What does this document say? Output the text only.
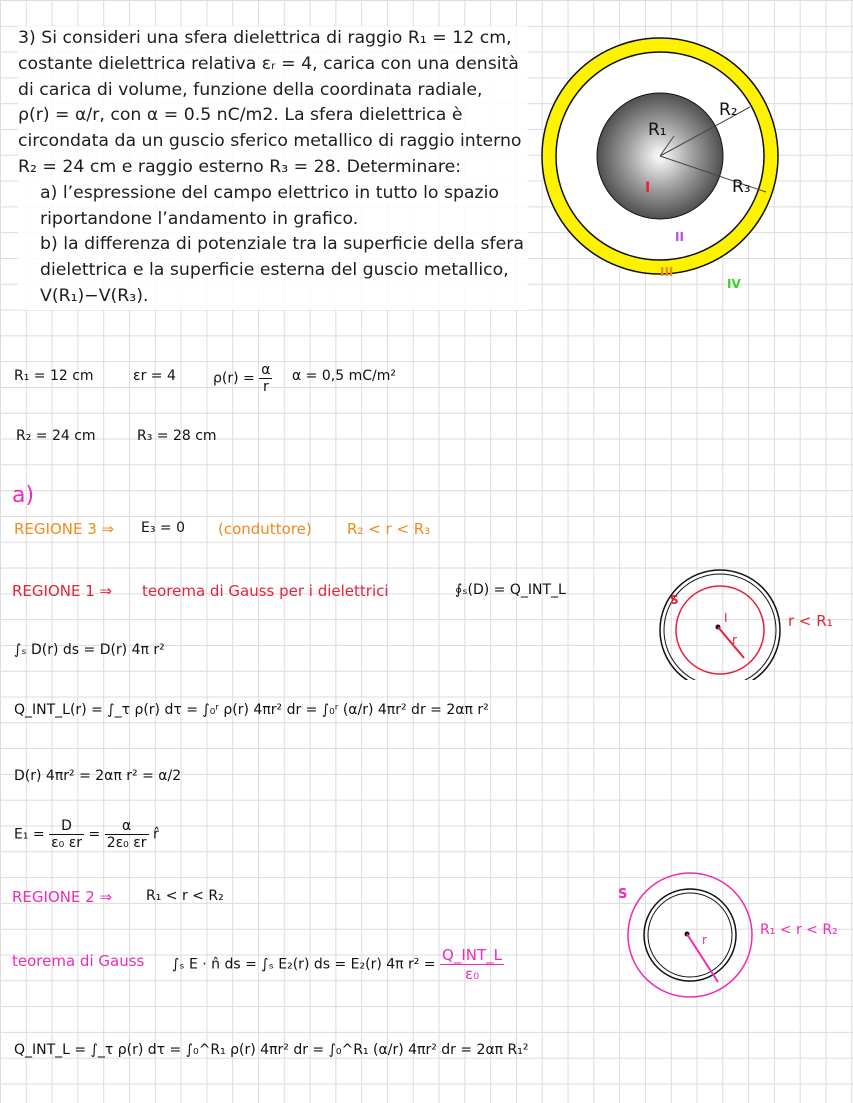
3) Si consideri una sfera dielettrica di raggio R₁ = 12 cm,
costante dielettrica relativa εᵣ = 4, carica con una densità
di carica di volume, funzione della coordinata radiale,
ρ(r) = α/r, con α = 0.5 nC/m2. La sfera dielettrica è
circondata da un guscio sferico metallico di raggio interno
R₂ = 24 cm e raggio esterno R₃ = 28. Determinare:
a) l’espressione del campo elettrico in tutto lo spazio
riportandone l’andamento in grafico.
b) la differenza di potenziale tra la superficie della sfera
dielettrica e la superficie esterna del guscio metallico,
V(R₁)−V(R₃).
R₁
R₂
R₃
I
II
III
IV
R₁ = 12 cm	εr = 4	$\rho(r) = \frac{\alpha}{r}$ α = 0,5 mC/m²
R₂ = 24 cm	R₃ = 28 cm
a)
REGIONE 3 ⇒ E₃ = 0 (conduttore) R₂ < r < R₃
REGIONE 1 ⇒ teorema di Gauss per i dielettrici	∮ₛ(D) = Q_INT_L
∫ₛ D(r) ds = D(r) 4π r²
Q_INT_L(r) = ∫_τ ρ(r) dτ = ∫₀ʳ ρ(r) 4πr² dr = ∫₀ʳ (α/r) 4πr² dr = 2απ r²
D(r) 4πr² = 2απ r² = α/2
$E_1 = \frac{D}{\text{ε₀ εr}} = \frac{\alpha}{\text{2ε₀ εr}}$ r̂
S
I
r
r < R₁
REGIONE 2 ⇒ R₁ < r < R₂
teorema di Gauss ∫ₛ E · n̂ ds = ∫ₛ E₂(r) ds = E₂(r) 4π $r^2 = \frac{\text{Q\_INT\_L}}{\text{ε₀}}$
Q_INT_L = ∫_τ ρ(r) dτ = ∫₀^R₁ ρ(r) 4πr² dr = ∫₀^R₁ (α/r) 4πr² dr = 2απ R₁²
S
r
R₁ < r < R₂
